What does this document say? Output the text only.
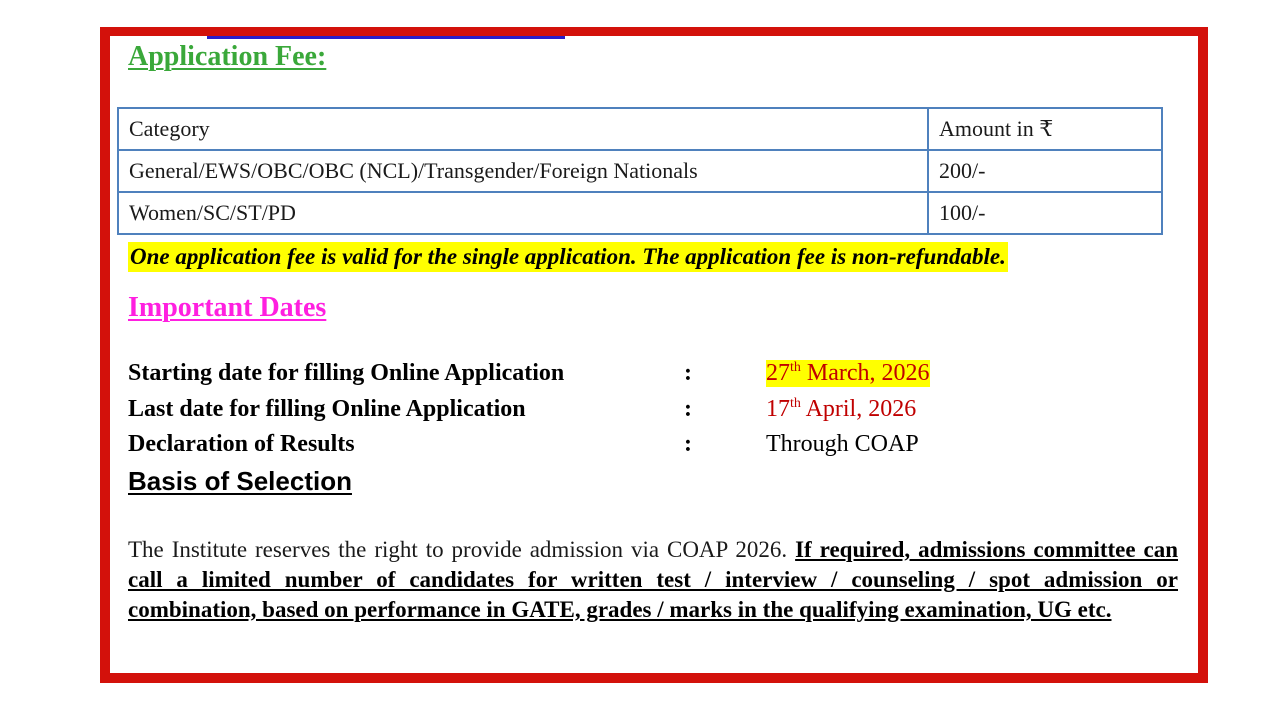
Application Fee:
Category	Amount in ₹
General/EWS/OBC/OBC (NCL)/Transgender/Foreign Nationals	200/-
Women/SC/ST/PD	100/-

One application fee is valid for the single application. The application fee is non-refundable.

Important Dates
Starting date for filling Online Application	:	27th March, 2026
Last date for filling Online Application	:	17th April, 2026
Declaration of Results	:	Through COAP
Basis of Selection

The Institute reserves the right to provide admission via COAP 2026. If required, admissions committee can call a limited number of candidates for written test / interview / counseling / spot admission or combination, based on performance in GATE, grades / marks in the qualifying examination, UG etc.
